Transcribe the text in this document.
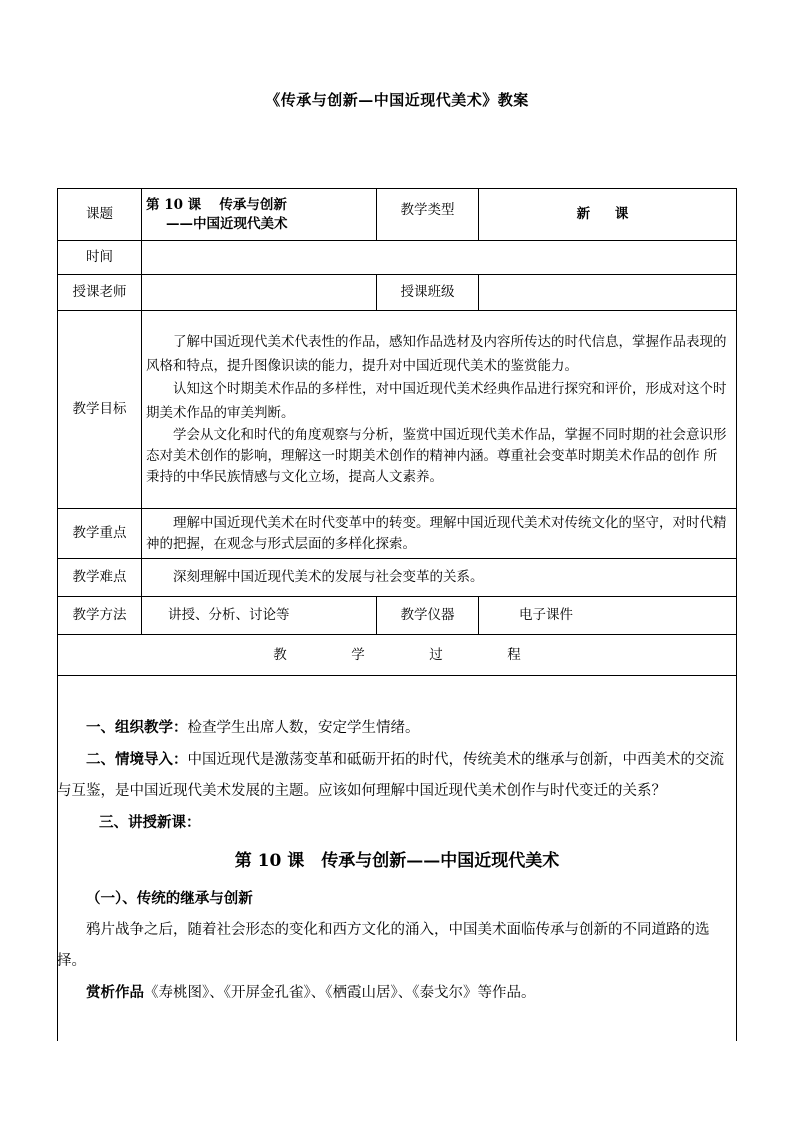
《传承与创新—中国近现代美术》教案
课题	第 10 课　 传承与创新
——中国近现代美术	教学类型	新 课
时间			
授课老师		授课班级	
教学目标	了解中国近现代美术代表性的作品，感知作品选材及内容所传达的时代信息，掌握作品表现的风格和特点，提升图像识读的能力，提升对中国近现代美术的鉴赏能力。

认知这个时期美术作品的多样性，对中国近现代美术经典作品进行探究和评价，形成对这个时期美术作品的审美判断。

学会从文化和时代的角度观察与分析，鉴赏中国近现代美术作品，掌握不同时期的社会意识形态对美术创作的影响，理解这一时期美术创作的精神内涵。尊重社会变革时期美术作品的创作 所秉持的中华民族情感与文化立场，提高人文素养。		

教学重点	理解中国近现代美术在时代变革中的转变。理解中国近现代美术对传统文化的坚守，对时代精神的把握，在观念与形式层面的多样化探索。		

教学难点	深刻理解中国近现代美术的发展与社会变革的关系。		

教学方法	讲授、分析、讨论等	教学仪器	电子课件
教 学 过 程			

一、组织教学：检查学生出席人数，安定学生情绪。

二、情境导入：中国近现代是激荡变革和砥砺开拓的时代，传统美术的继承与创新，中西美术的交流与互鉴，是中国近现代美术发展的主题。应该如何理解中国近现代美术创作与时代变迁的关系？

三、讲授新课：

第 10 课　传承与创新——中国近现代美术

（一）、传统的继承与创新

鸦片战争之后，随着社会形态的变化和西方文化的涌入，中国美术面临传承与创新的不同道路的选择。

赏析作品《寿桃图》、《开屏金孔雀》、《栖霞山居》、《泰戈尔》等作品。
